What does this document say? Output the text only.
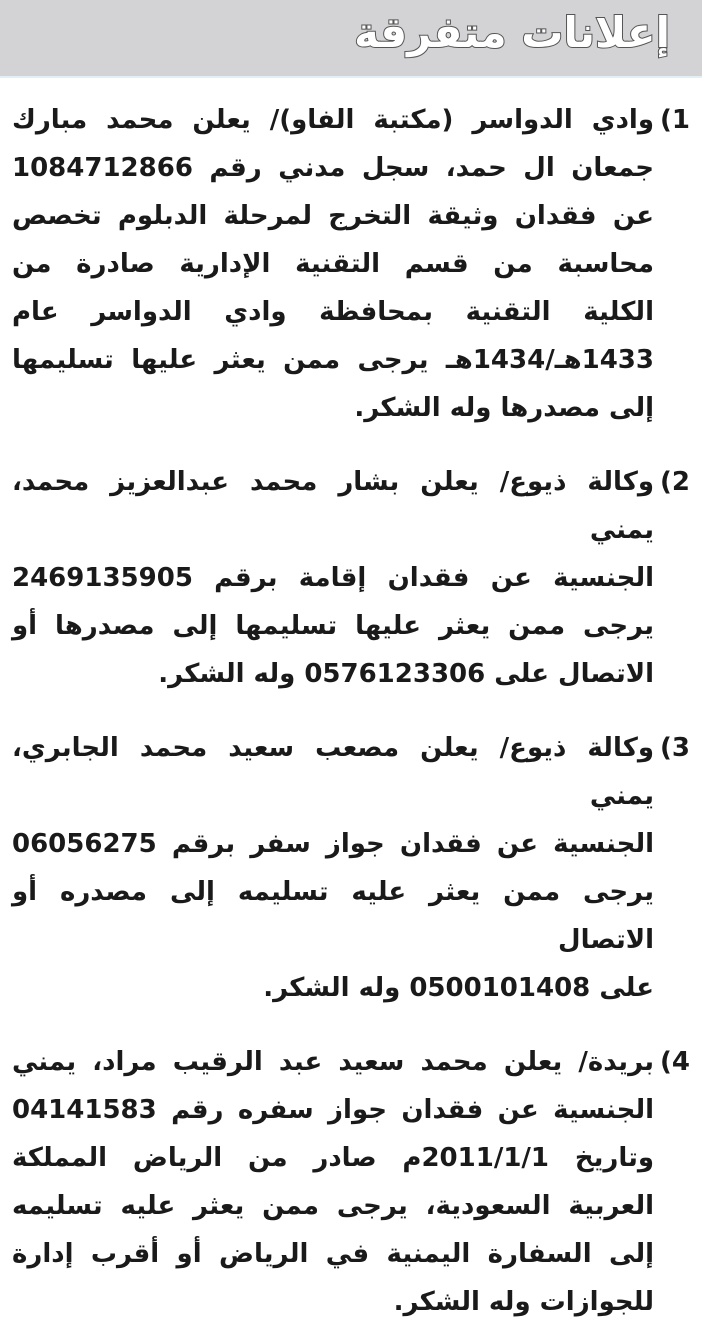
إعلانات متفرقة
1)
وادي الدواسر (مكتبة الفاو)/ يعلن محمد مبارك
جمعان ال حمد، سجل مدني رقم 1084712866
عن فقدان وثيقة التخرج لمرحلة الدبلوم تخصص
محاسبة من قسم التقنية الإدارية صادرة من
الكلية التقنية بمحافظة وادي الدواسر عام
1433هـ/1434هـ يرجى ممن يعثر عليها تسليمها
إلى مصدرها وله الشكر.
2)
وكالة ذيوع/ يعلن بشار محمد عبدالعزيز محمد، يمني
الجنسية عن فقدان إقامة برقم 2469135905
يرجى ممن يعثر عليها تسليمها إلى مصدرها أو
الاتصال على 0576123306 وله الشكر.
3)
وكالة ذيوع/ يعلن مصعب سعيد محمد الجابري، يمني
الجنسية عن فقدان جواز سفر برقم 06056275
يرجى ممن يعثر عليه تسليمه إلى مصدره أو الاتصال
على 0500101408 وله الشكر.
4)
بريدة/ يعلن محمد سعيد عبد الرقيب مراد، يمني
الجنسية عن فقدان جواز سفره رقم 04141583
وتاريخ 2011/1/1م صادر من الرياض المملكة
العربية السعودية، يرجى ممن يعثر عليه تسليمه
إلى السفارة اليمنية في الرياض أو أقرب إدارة
للجوازات وله الشكر.
